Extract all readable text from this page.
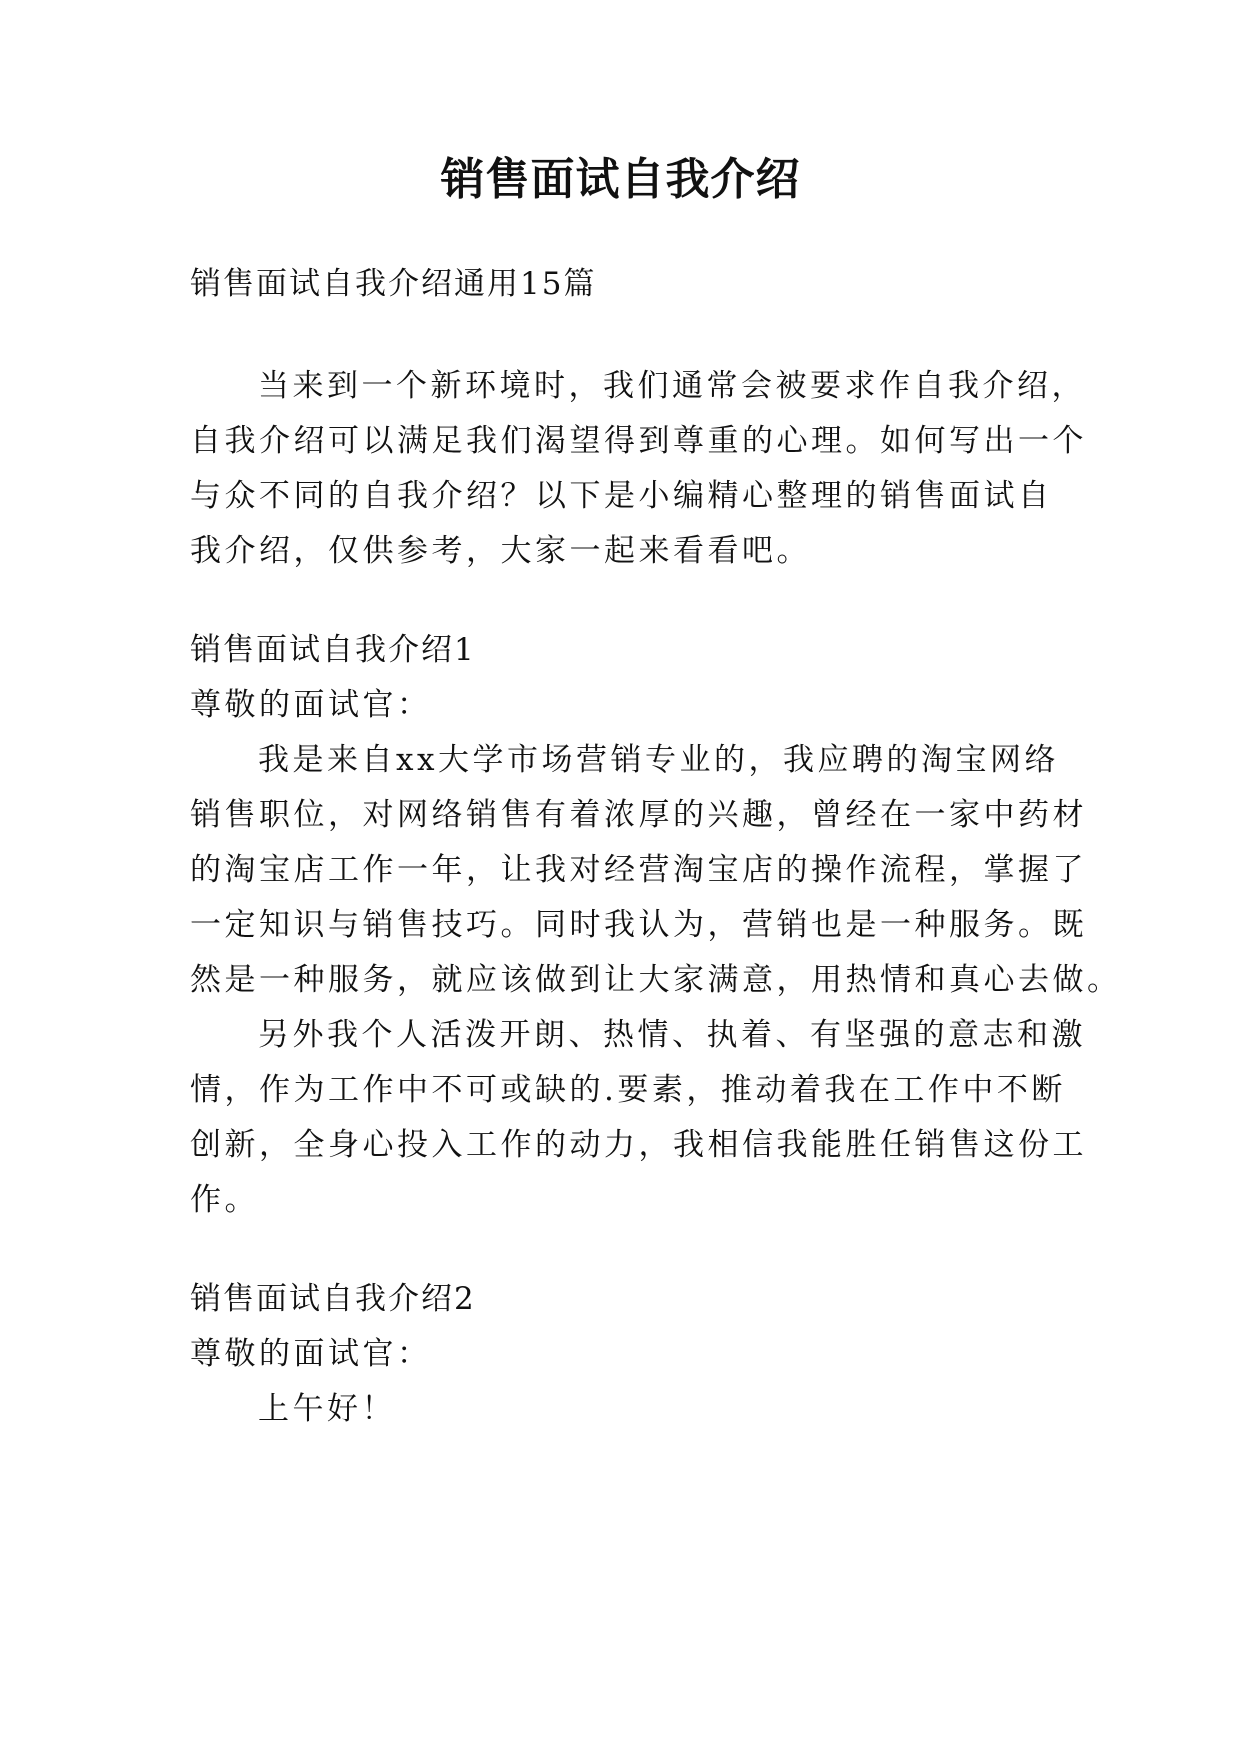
销售面试自我介绍

销售面试自我介绍通用15篇

当来到一个新环境时，我们通常会被要求作自我介绍，

自我介绍可以满足我们渴望得到尊重的心理。如何写出一个

与众不同的自我介绍？以下是小编精心整理的销售面试自

我介绍，仅供参考，大家一起来看看吧。

销售面试自我介绍1

尊敬的面试官：

我是来自xx大学市场营销专业的，我应聘的淘宝网络

销售职位，对网络销售有着浓厚的兴趣，曾经在一家中药材

的淘宝店工作一年，让我对经营淘宝店的操作流程，掌握了

一定知识与销售技巧。同时我认为，营销也是一种服务。既

然是一种服务，就应该做到让大家满意，用热情和真心去做。

另外我个人活泼开朗、热情、执着、有坚强的意志和激

情，作为工作中不可或缺的.要素，推动着我在工作中不断

创新，全身心投入工作的动力，我相信我能胜任销售这份工

作。

销售面试自我介绍2

尊敬的面试官：

上午好！
